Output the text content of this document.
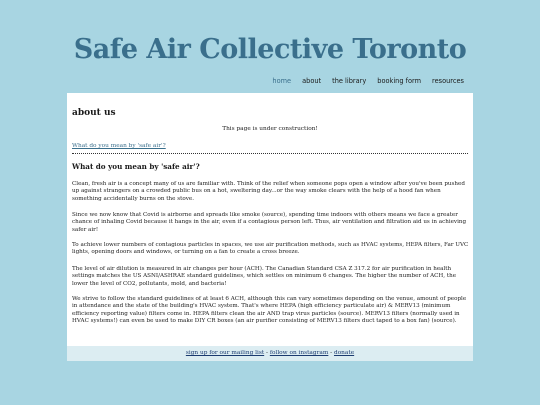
Safe Air Collective Toronto
home about the library booking form resources
about us
This page is under construction!
What do you mean by 'safe air'?
What do you mean by 'safe air'?

Clean, fresh air is a concept many of us are familiar with. Think of the relief when someone pops open a window after you've been pushed up against strangers on a crowded public bus on a hot, sweltering day...or the way smoke clears with the help of a hood fan when something accidentally burns on the stove.

Since we now know that Covid is airborne and spreads like smoke (source), spending time indoors with others means we face a greater chance of inhaling Covid because it hangs in the air, even if a contagious person left. Thus, air ventilation and filtration aid us in achieving safer air!

To achieve lower numbers of contagious particles in spaces, we use air purification methods, such as HVAC systems, HEPA filters, Far UVC lights, opening doors and windows, or turning on a fan to create a cross breeze.

The level of air dilution is measured in air changes per hour (ACH). The Canadian Standard CSA Z 317.2 for air purification in health settings matches the US ASNI/ASHRAE standard guidelines, which settles on minimum 6 changes. The higher the number of ACH, the lower the level of CO2, pollutants, mold, and bacteria!

We strive to follow the standard guidelines of at least 6 ACH, although this can vary sometimes depending on the venue, amount of people in attendance and the state of the building's HVAC system. That's where HEPA (high efficiency particulate air) & MERV13 (minimum efficiency reporting value) filters come in. HEPA filters clean the air AND trap virus particles (source). MERV13 filters (normally used in HVAC systems!) can even be used to make DIY CR boxes (an air purifier consisting of MERV13 filters duct taped to a box fan) (source).

sign up for our mailing list - follow on instagram - donate
